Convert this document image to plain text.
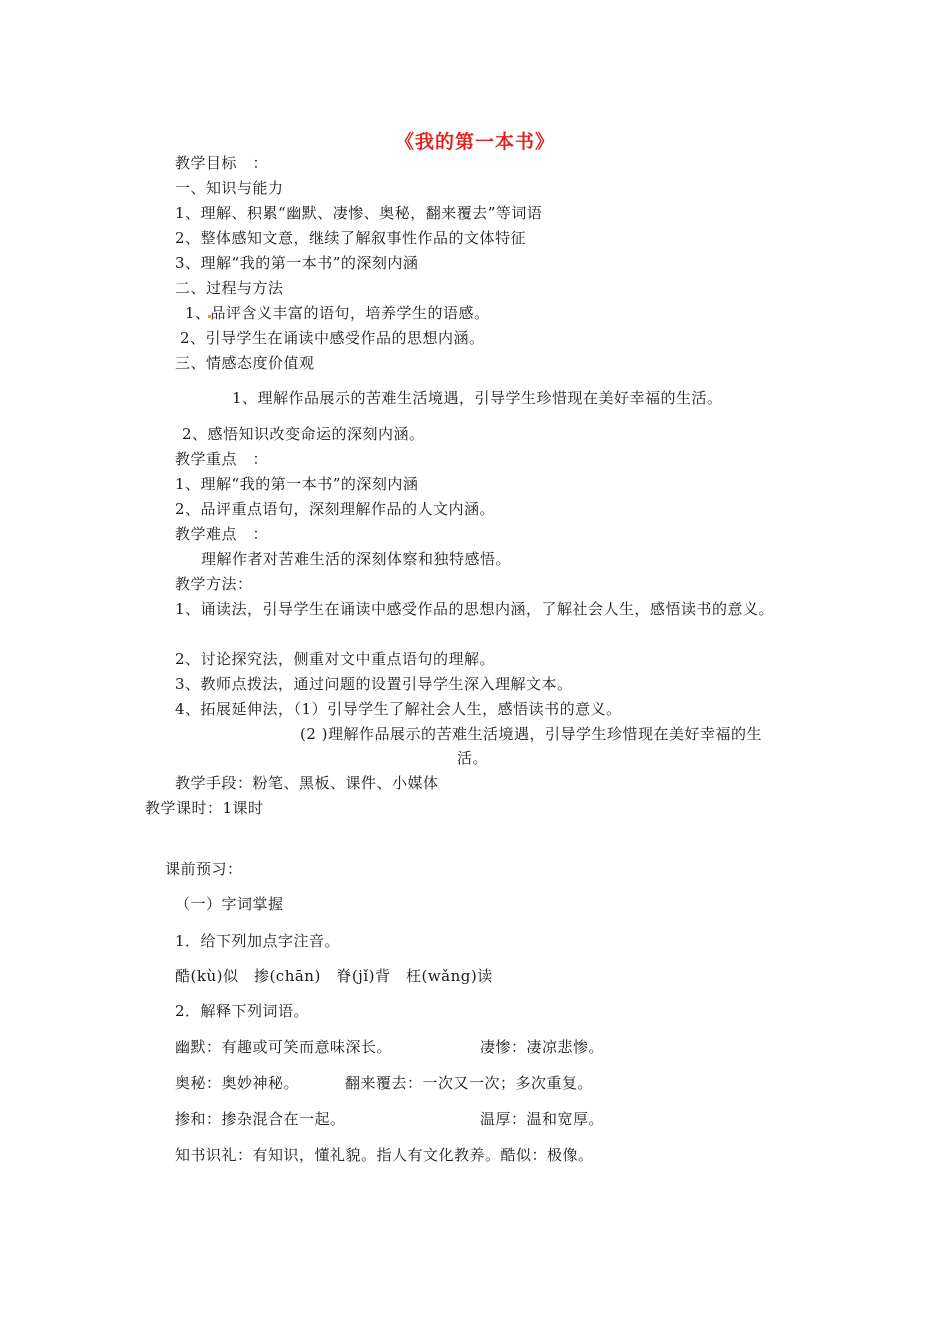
《我的第一本书》
教学目标　：
一、知识与能力
1、理解、积累“幽默、凄惨、奥秘，翻来覆去”等词语
2、整体感知文意，继续了解叙事性作品的文体特征
3、理解“我的第一本书”的深刻内涵
二、过程与方法
1、品评含义丰富的语句，培养学生的语感。
2、引导学生在诵读中感受作品的思想内涵。
三、情感态度价值观
1、理解作品展示的苦难生活境遇，引导学生珍惜现在美好幸福的生活。
2、感悟知识改变命运的深刻内涵。
教学重点　：
1、理解“我的第一本书”的深刻内涵
2、品评重点语句，深刻理解作品的人文内涵。
教学难点　：
理解作者对苦难生活的深刻体察和独特感悟。
教学方法：
1、诵读法，引导学生在诵读中感受作品的思想内涵，了解社会人生，感悟读书的意义。
2、讨论探究法，侧重对文中重点语句的理解。
3、教师点拨法，通过问题的设置引导学生深入理解文本。
4、拓展延伸法，（1）引导学生了解社会人生，感悟读书的意义。
(2 )理解作品展示的苦难生活境遇，引导学生珍惜现在美好幸福的生
活。
教学手段：粉笔、黑板、课件、小媒体
教学课时：1课时
课前预习：
（一）字词掌握
1．给下列加点字注音。
酷(kù)似　掺(chān)　脊(jǐ)背　枉(wǎng)读
2．解释下列词语。
幽默：有趣或可笑而意味深长。	凄惨：凄凉悲惨。
奥秘：奥妙神秘。	翻来覆去：一次又一次；多次重复。
掺和：掺杂混合在一起。	温厚：温和宽厚。
知书识礼：有知识，懂礼貌。指人有文化教养。酷似：极像。
